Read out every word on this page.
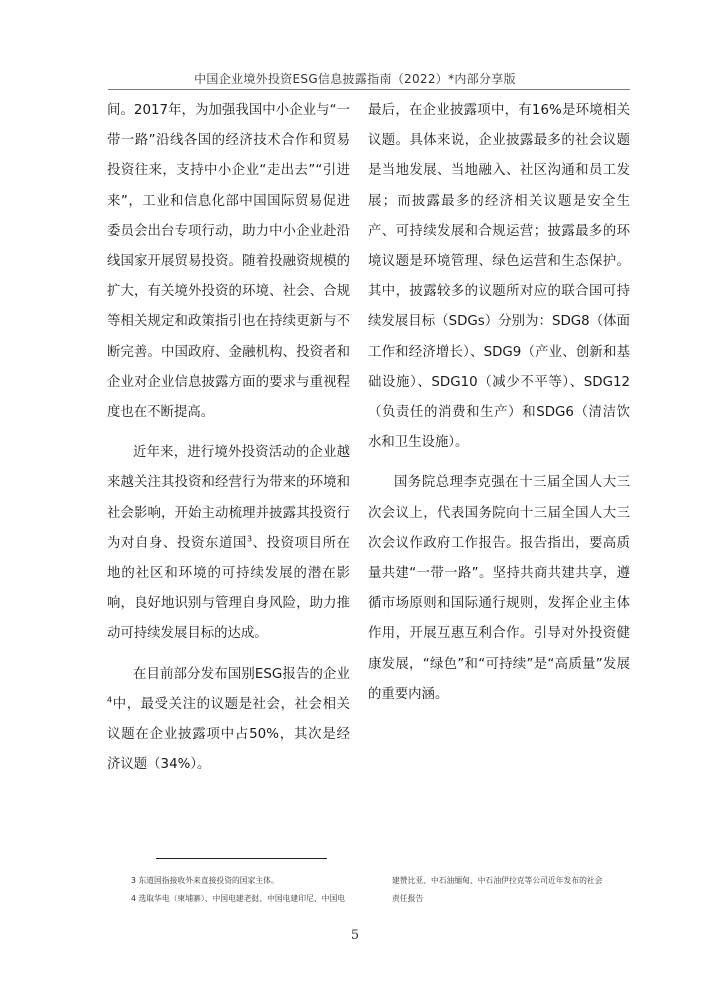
中国企业境外投资ESG信息披露指南（2022）*内部分享版

间。2017年，为加强我国中小企业与“一带一路”沿线各国的经济技术合作和贸易投资往来，支持中小企业“走出去”“引进来”，工业和信息化部中国国际贸易促进委员会出台专项行动，助力中小企业赴沿线国家开展贸易投资。随着投融资规模的扩大，有关境外投资的环境、社会、合规等相关规定和政策指引也在持续更新与不断完善。中国政府、金融机构、投资者和企业对企业信息披露方面的要求与重视程度也在不断提高。

近年来，进行境外投资活动的企业越来越关注其投资和经营行为带来的环境和社会影响，开始主动梳理并披露其投资行为对自身、投资东道国$^3$、投资项目所在地的社区和环境的可持续发展的潜在影响，良好地识别与管理自身风险，助力推动可持续发展目标的达成。

在目前部分发布国别ESG报告的企业$^4$中，最受关注的议题是社会，社会相关议题在企业披露项中占50%，其次是经济议题（34%）。

最后，在企业披露项中，有16%是环境相关议题。具体来说，企业披露最多的社会议题是当地发展、当地融入、社区沟通和员工发展；而披露最多的经济相关议题是安全生产、可持续发展和合规运营；披露最多的环境议题是环境管理、绿色运营和生态保护。其中，披露较多的议题所对应的联合国可持续发展目标（SDGs）分别为：SDG8（体面工作和经济增长）、SDG9（产业、创新和基础设施）、SDG10（减少不平等）、SDG12（负责任的消费和生产）和SDG6（清洁饮水和卫生设施）。

国务院总理李克强在十三届全国人大三次会议上，代表国务院向十三届全国人大三次会议作政府工作报告。报告指出，要高质量共建“一带一路”。坚持共商共建共享，遵循市场原则和国际通行规则，发挥企业主体作用，开展互惠互利合作。引导对外投资健康发展，“绿色”和“可持续”是“高质量”发展的重要内涵。

3 东道国指接收外来直接投资的国家主体。
4 选取华电（柬埔寨）、中国电建老挝、中国电建印尼、中国电
建赞比亚、中石油缅甸、中石油伊拉克等公司近年发布的社会
责任报告
5
